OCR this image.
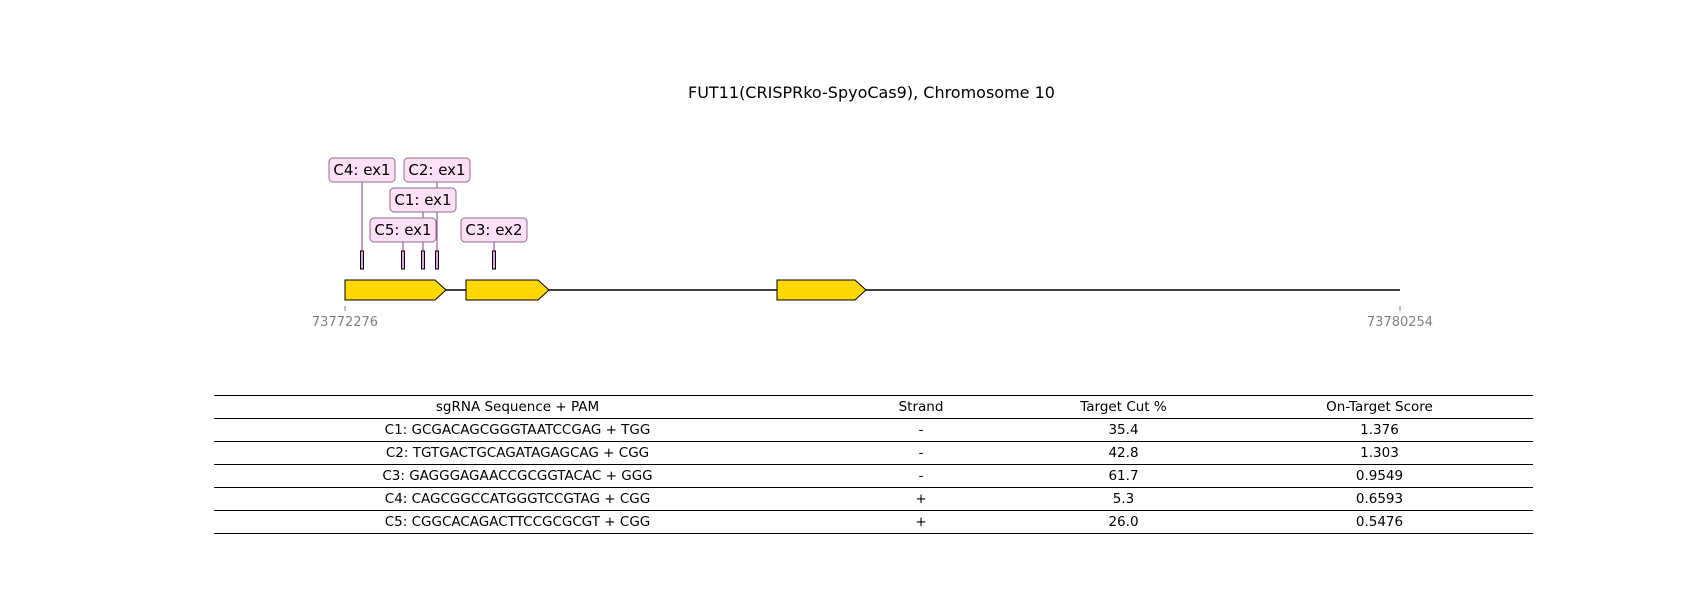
FUT11(CRISPRko-SpyoCas9), Chromosome 10
C4: ex1 C2: ex1
C1: ex1
C5: ex1 C3: ex2
73772276	73780254
sgRNA Sequence + PAM	Strand	Target Cut %	On-Target Score
C1: GCGACAGCGGGTAATCCGAG + TGG	-	35.4	1.376
C2: TGTGACTGCAGATAGAGCAG + CGG	-	42.8	1.303
C3: GAGGGAGAACCGCGGTACAC + GGG	-	61.7	0.9549
C4: CAGCGGCCATGGGTCCGTAG + CGG	+	5.3	0.6593
C5: CGGCACAGACTTCCGCGCGT + CGG	+	26.0	0.5476
